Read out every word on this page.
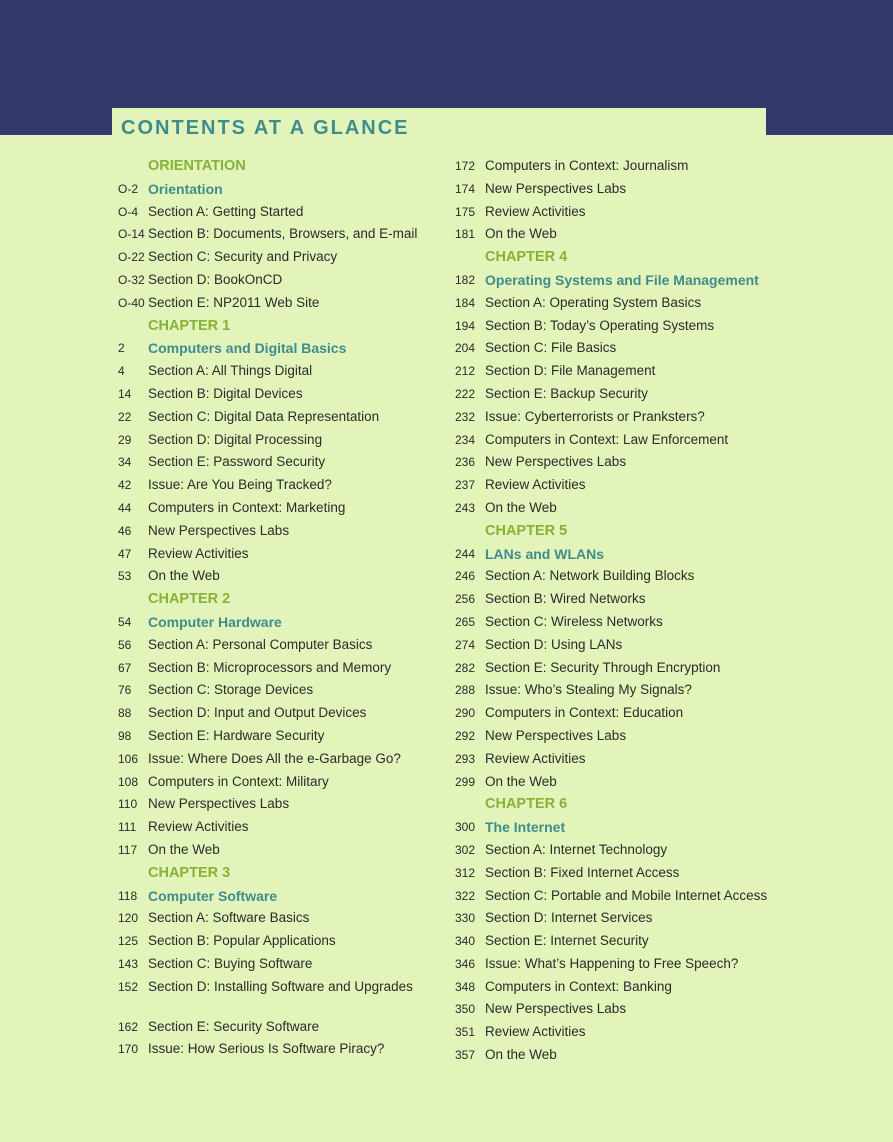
CONTENTS AT A GLANCE
ORIENTATION
O-2 Orientation
O-4 Section A: Getting Started
O-14 Section B: Documents, Browsers, and E-mail
O-22 Section C: Security and Privacy
O-32 Section D: BookOnCD
O-40 Section E: NP2011 Web Site
CHAPTER 1
2	Computers and Digital Basics
4	Section A: All Things Digital
14	Section B: Digital Devices
22	Section C: Digital Data Representation
29	Section D: Digital Processing
34	Section E: Password Security
42	Issue: Are You Being Tracked?
44	Computers in Context: Marketing
46	New Perspectives Labs
47	Review Activities
53	On the Web
CHAPTER 2
54	Computer Hardware
56	Section A: Personal Computer Basics
67	Section B: Microprocessors and Memory
76	Section C: Storage Devices
88	Section D: Input and Output Devices
98	Section E: Hardware Security
106 Issue: Where Does All the e-Garbage Go?
108 Computers in Context: Military
110 New Perspectives Labs
111 Review Activities
117 On the Web
CHAPTER 3
118 Computer Software
120 Section A: Software Basics
125 Section B: Popular Applications
143 Section C: Buying Software
152 Section D: Installing Software and Upgrades
162 Section E: Security Software
170 Issue: How Serious Is Software Piracy?
172 Computers in Context: Journalism
174 New Perspectives Labs
175 Review Activities
181 On the Web
CHAPTER 4
182 Operating Systems and File Management
184 Section A: Operating System Basics
194 Section B: Today’s Operating Systems
204 Section C: File Basics
212 Section D: File Management
222 Section E: Backup Security
232 Issue: Cyberterrorists or Pranksters?
234 Computers in Context: Law Enforcement
236 New Perspectives Labs
237 Review Activities
243 On the Web
CHAPTER 5
244 LANs and WLANs
246 Section A: Network Building Blocks
256 Section B: Wired Networks
265 Section C: Wireless Networks
274 Section D: Using LANs
282 Section E: Security Through Encryption
288 Issue: Who’s Stealing My Signals?
290 Computers in Context: Education
292 New Perspectives Labs
293 Review Activities
299 On the Web
CHAPTER 6
300 The Internet
302 Section A: Internet Technology
312 Section B: Fixed Internet Access
322 Section C: Portable and Mobile Internet Access
330 Section D: Internet Services
340 Section E: Internet Security
346 Issue: What’s Happening to Free Speech?
348 Computers in Context: Banking
350 New Perspectives Labs
351 Review Activities
357 On the Web
